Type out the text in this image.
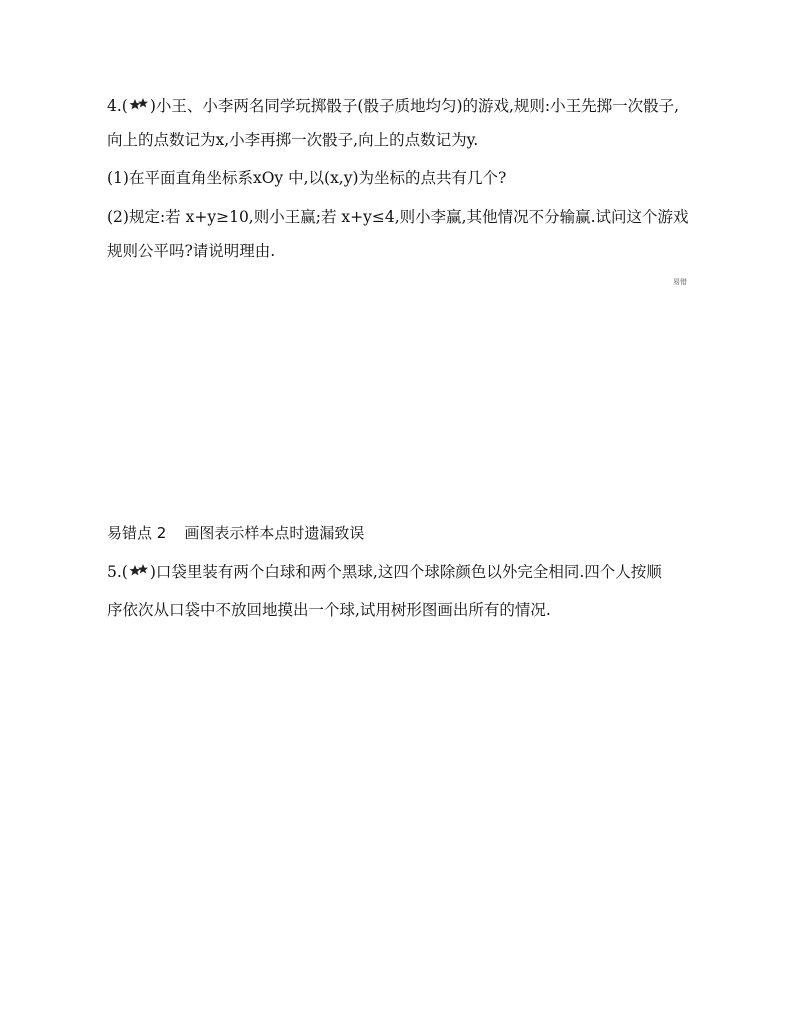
4.( )小王、小李两名同学玩掷骰子(骰子质地均匀)的游戏,规则:小王先掷一次骰子,
向上的点数记为x,小李再掷一次骰子,向上的点数记为y.
(1)在平面直角坐标系xOy 中,以(x,y)为坐标的点共有几个?
(2)规定:若 x+y≥10,则小王赢;若 x+y≤4,则小李赢,其他情况不分输赢.试问这个游戏
规则公平吗?请说明理由.
易错
易错点 2 画图表示样本点时遗漏致误
5.( )口袋里装有两个白球和两个黑球,这四个球除颜色以外完全相同.四个人按顺
序依次从口袋中不放回地摸出一个球,试用树形图画出所有的情况.
